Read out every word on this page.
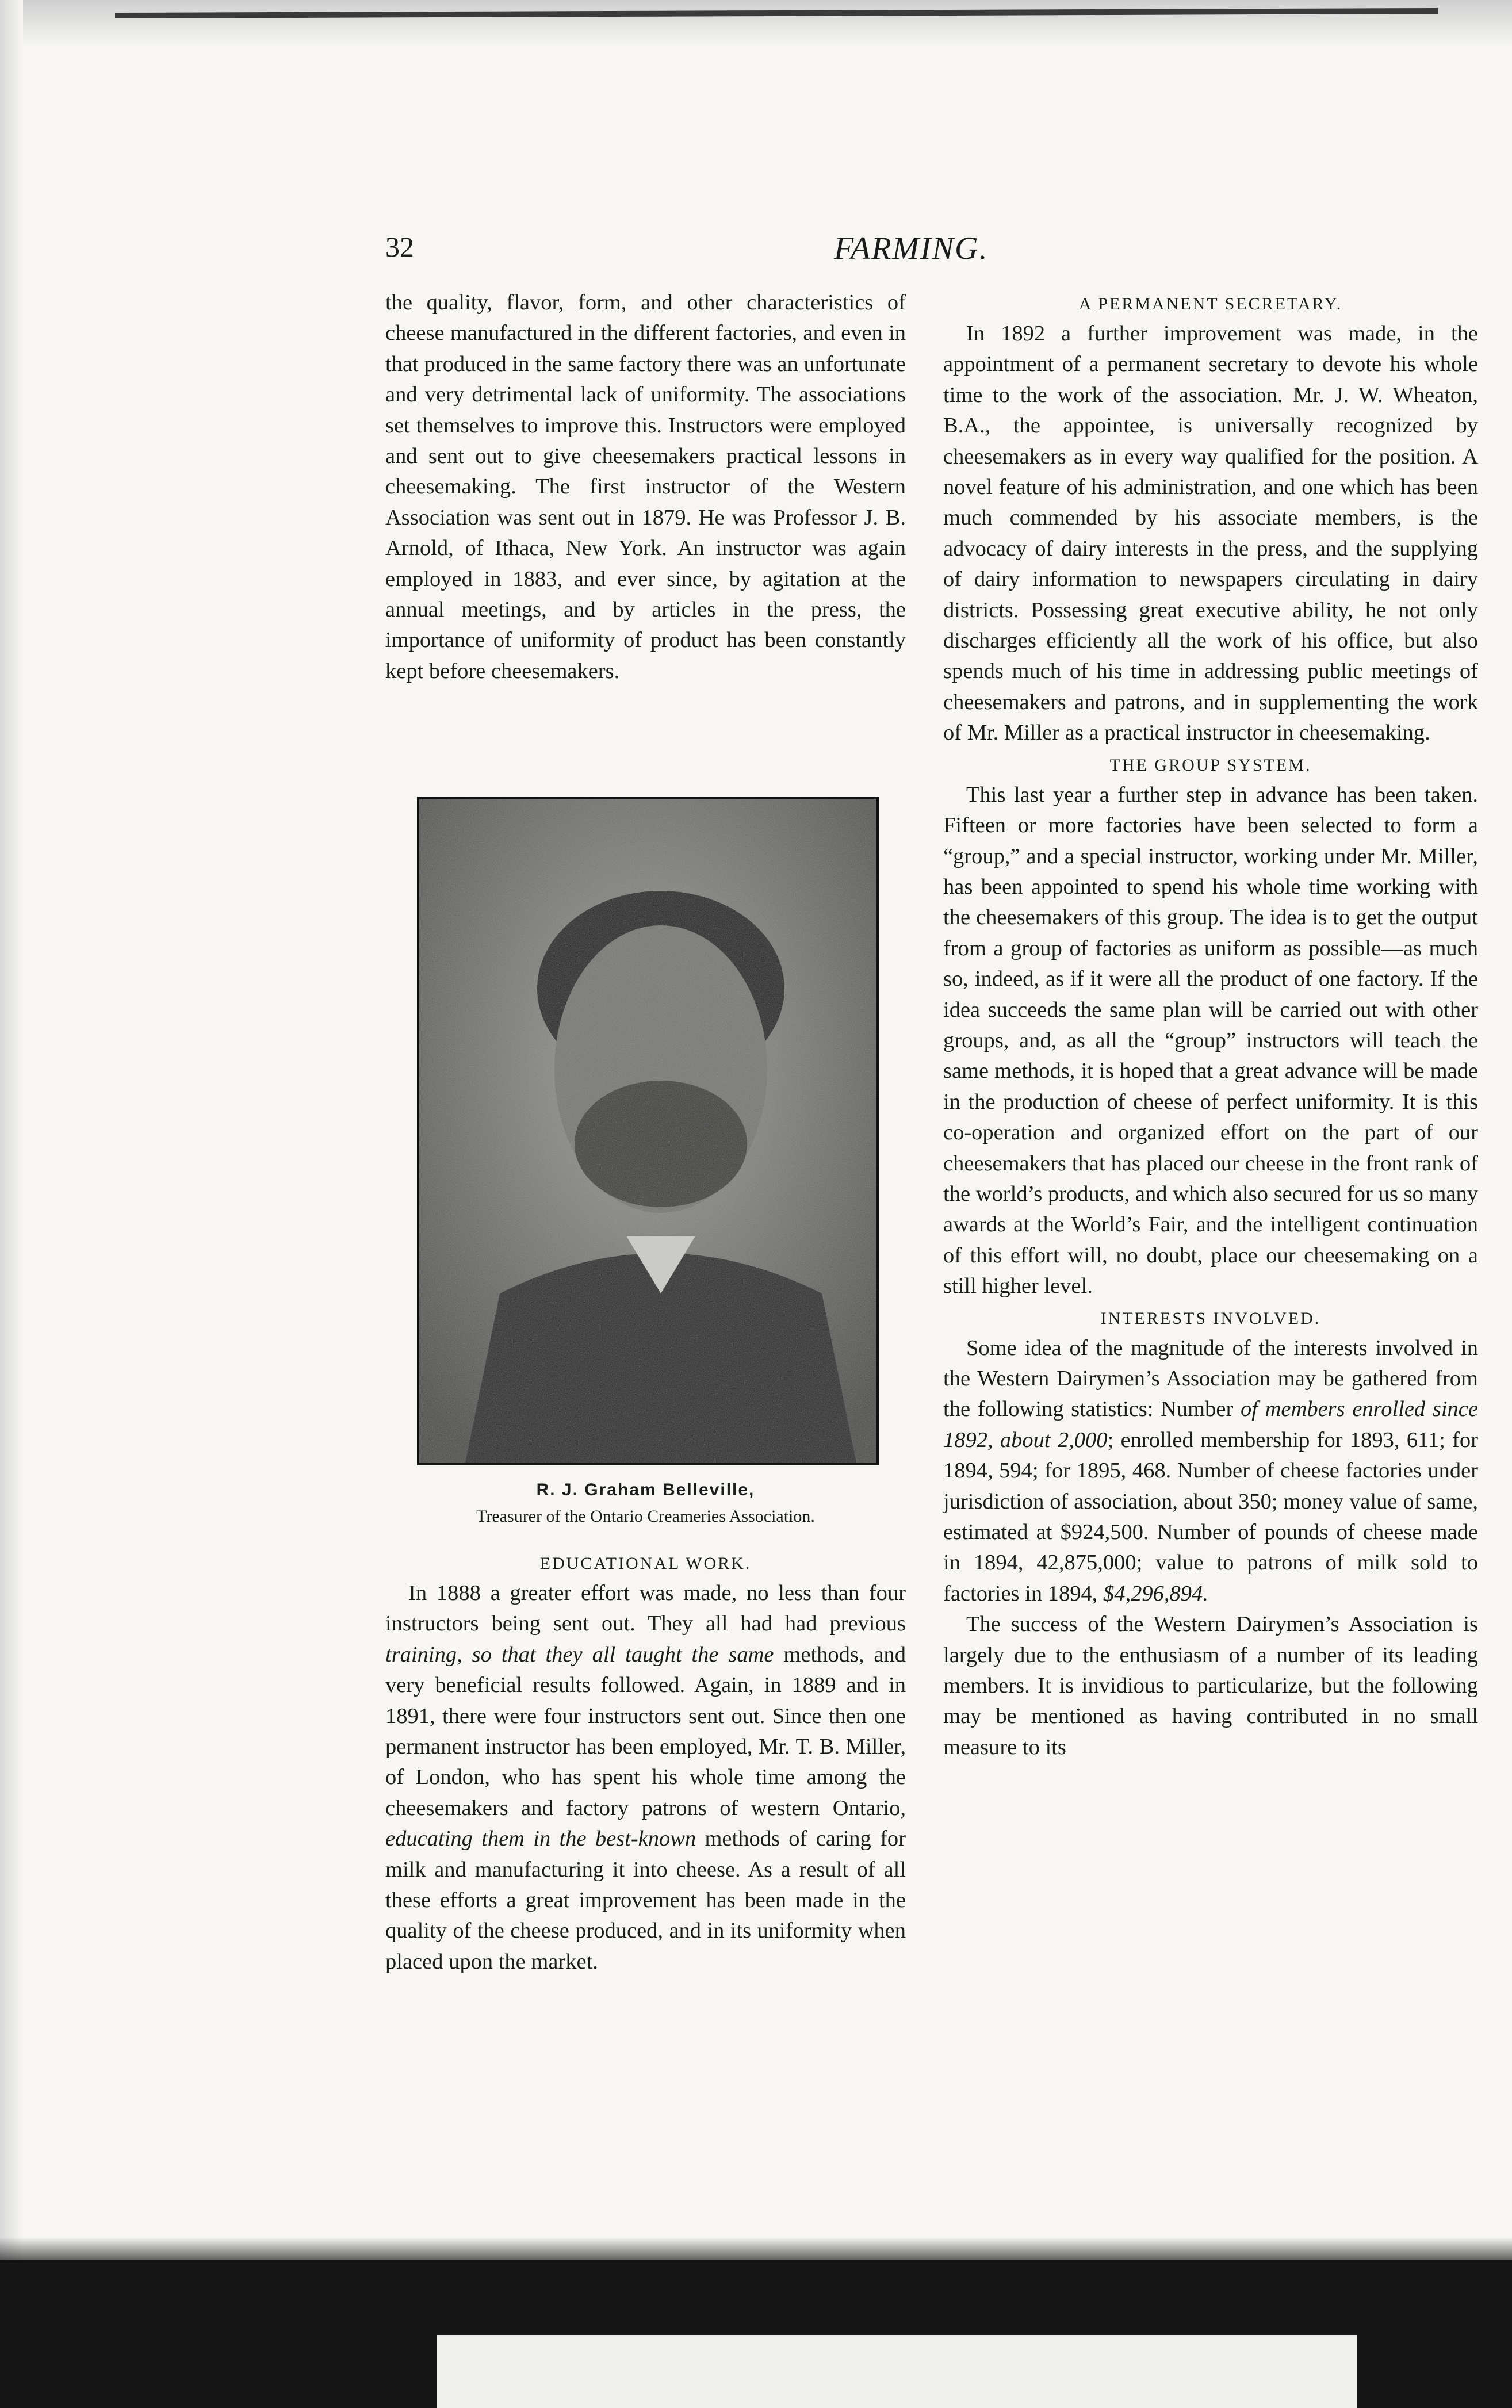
32	FARMING.

the quality, flavor, form, and other characteristics of cheese manufactured in the different factories, and even in that produced in the same factory there was an unfortunate and very detrimental lack of uniformity. The associations set themselves to improve this. Instructors were employed and sent out to give cheesemakers practical lessons in cheesemaking. The first instructor of the Western Association was sent out in 1879. He was Professor J. B. Arnold, of Ithaca, New York. An instructor was again employed in 1883, and ever since, by agitation at the annual meetings, and by articles in the press, the importance of uniformity of product has been constantly kept before cheesemakers.

R. J. Graham Belleville,
Treasurer of the Ontario Creameries Association.
EDUCATIONAL WORK.

In 1888 a greater effort was made, no less than four instructors being sent out. They all had had previous training, so that they all taught the same methods, and very beneficial results followed. Again, in 1889 and in 1891, there were four instructors sent out. Since then one permanent instructor has been employed, Mr. T. B. Miller, of London, who has spent his whole time among the cheesemakers and factory patrons of western Ontario, educating them in the best-known methods of caring for milk and manufacturing it into cheese. As a result of all these efforts a great improvement has been made in the quality of the cheese produced, and in its uniformity when placed upon the market.

A PERMANENT SECRETARY.

In 1892 a further improvement was made, in the appointment of a permanent secretary to devote his whole time to the work of the association. Mr. J. W. Wheaton, B.A., the appointee, is universally recognized by cheesemakers as in every way qualified for the position. A novel feature of his administration, and one which has been much commended by his associate members, is the advocacy of dairy interests in the press, and the supplying of dairy information to newspapers circulating in dairy districts. Possessing great executive ability, he not only discharges efficiently all the work of his office, but also spends much of his time in addressing public meetings of cheesemakers and patrons, and in supplementing the work of Mr. Miller as a practical instructor in cheesemaking.

THE GROUP SYSTEM.

This last year a further step in advance has been taken. Fifteen or more factories have been selected to form a “group,” and a special instructor, working under Mr. Miller, has been appointed to spend his whole time working with the cheesemakers of this group. The idea is to get the output from a group of factories as uniform as possible—as much so, indeed, as if it were all the product of one factory. If the idea succeeds the same plan will be carried out with other groups, and, as all the “group” instructors will teach the same methods, it is hoped that a great advance will be made in the production of cheese of perfect uniformity. It is this co-operation and organized effort on the part of our cheesemakers that has placed our cheese in the front rank of the world’s products, and which also secured for us so many awards at the World’s Fair, and the intelligent continuation of this effort will, no doubt, place our cheesemaking on a still higher level.

INTERESTS INVOLVED.

Some idea of the magnitude of the interests involved in the Western Dairymen’s Association may be gathered from the following statistics: Number of members enrolled since 1892, about 2,000; enrolled membership for 1893, 611; for 1894, 594; for 1895, 468. Number of cheese factories under jurisdiction of association, about 350; money value of same, estimated at $924,500. Number of pounds of cheese made in 1894, 42,875,000; value to patrons of milk sold to factories in 1894, $4,296,894.

The success of the Western Dairymen’s Association is largely due to the enthusiasm of a number of its leading members. It is invidious to particularize, but the following may be mentioned as having contributed in no small measure to its
